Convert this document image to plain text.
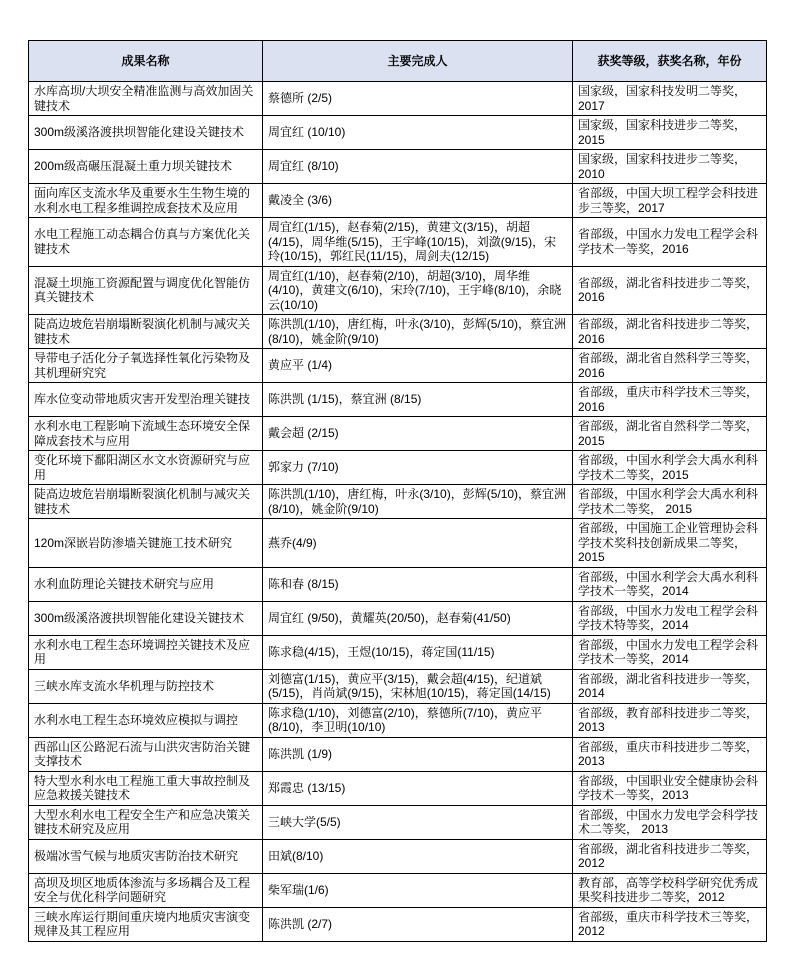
成果名称	主要完成人	获奖等级，获奖名称，年份
水库高坝/大坝安全精准监测与高效加固关键技术	蔡德所 (2/5)	国家级，国家科技发明二等奖，2017
300m级溪洛渡拱坝智能化建设关键技术	周宜红 (10/10)	国家级，国家科技进步二等奖，2015
200m级高碾压混凝土重力坝关键技术	周宜红 (8/10)	国家级，国家科技进步二等奖，2010
面向库区支流水华及重要水生生物生境的水利水电工程多维调控成套技术及应用	戴凌全 (3/6)	省部级，中国大坝工程学会科技进步三等奖，2017
水电工程施工动态耦合仿真与方案优化关键技术	周宜红(1/15)，赵春菊(2/15)，黄建文(3/15)，胡超(4/15)，周华维(5/15)，王宇峰(10/15)，刘潋(9/15)，宋玲(10/15)，郭红民(11/15)，周剑夫(12/15)	省部级，中国水力发电工程学会科学技术一等奖，2016
混凝土坝施工资源配置与调度优化智能仿真关键技术	周宜红(1/10)，赵春菊(2/10)，胡超(3/10)，周华维(4/10)，黄建文(6/10)，宋玲(7/10)，王宇峰(8/10)，余晓云(10/10)	省部级，湖北省科技进步二等奖，2016
陡高边坡危岩崩塌断裂演化机制与减灾关键技术	陈洪凯(1/10)，唐红梅，叶永(3/10)，彭辉(5/10)，蔡宜洲(8/10)，姚金阶(9/10)	省部级，湖北省科技进步二等奖，2016
导带电子活化分子氧选择性氧化污染物及其机理研究究	黄应平 (1/4)	省部级，湖北省自然科学三等奖，2016
库水位变动带地质灾害开发型治理关键技	陈洪凯 (1/15)，蔡宜洲 (8/15)	省部级，重庆市科学技术三等奖，2016
水利水电工程影响下流域生态环境安全保障成套技术与应用	戴会超 (2/15)	省部级，湖北省自然科学二等奖，2015
变化环境下鄱阳湖区水文水资源研究与应用	郭家力 (7/10)	省部级，中国水利学会大禹水利科学技术二等奖，2015
陡高边坡危岩崩塌断裂演化机制与减灾关键技术	陈洪凯(1/10)，唐红梅，叶永(3/10)，彭辉(5/10)，蔡宜洲(8/10)，姚金阶(9/10)	省部级，中国水利学会大禹水利科学技术二等奖， 2015
120m深嵌岩防渗墙关键施工技术研究	燕乔(4/9)	省部级，中国施工企业管理协会科学技术奖科技创新成果二等奖，2015
水利血防理论关键技术研究与应用	陈和春 (8/15)	省部级，中国水利学会大禹水利科学技术一等奖，2014
300m级溪洛渡拱坝智能化建设关键技术	周宜红 (9/50)，黄耀英(20/50)，赵春菊(41/50)	省部级，中国水力发电工程学会科学技术特等奖，2014
水利水电工程生态环境调控关键技术及应用	陈求稳(4/15)，王煜(10/15)，蒋定国(11/15)	省部级，中国水力发电工程学会科学技术一等奖，2014
三峡水库支流水华机理与防控技术	刘德富(1/15)，黄应平(3/15)，戴会超(4/15)，纪道斌(5/15)，肖尚斌(9/15)，宋林旭(10/15)，蒋定国(14/15)	省部级，湖北省科技进步一等奖，2014
水利水电工程生态环境效应模拟与调控	陈求稳(1/10)，刘德富(2/10)，蔡德所(7/10)，黄应平(8/10)，李卫明(10/10)	省部级，教育部科技进步二等奖，2013
西部山区公路泥石流与山洪灾害防治关键支撑技术	陈洪凯 (1/9)	省部级，重庆市科技进步二等奖，2013
特大型水利水电工程施工重大事故控制及应急救援关键技术	郑霞忠 (13/15)	省部级，中国职业安全健康协会科学技术一等奖，2013
大型水利水电工程安全生产和应急决策关键技术研究及应用	三峡大学(5/5)	省部级，中国水力发电学会科学技术二等奖， 2013
极端冰雪气候与地质灾害防治技术研究	田斌(8/10)	省部级，湖北省科技进步二等奖，2012
高坝及坝区地质体渗流与多场耦合及工程安全与优化科学问题研究	柴军瑞(1/6)	教育部，高等学校科学研究优秀成果奖科技进步二等奖，2012
三峡水库运行期间重庆境内地质灾害演变规律及其工程应用	陈洪凯 (2/7)	省部级，重庆市科学技术三等奖，2012
